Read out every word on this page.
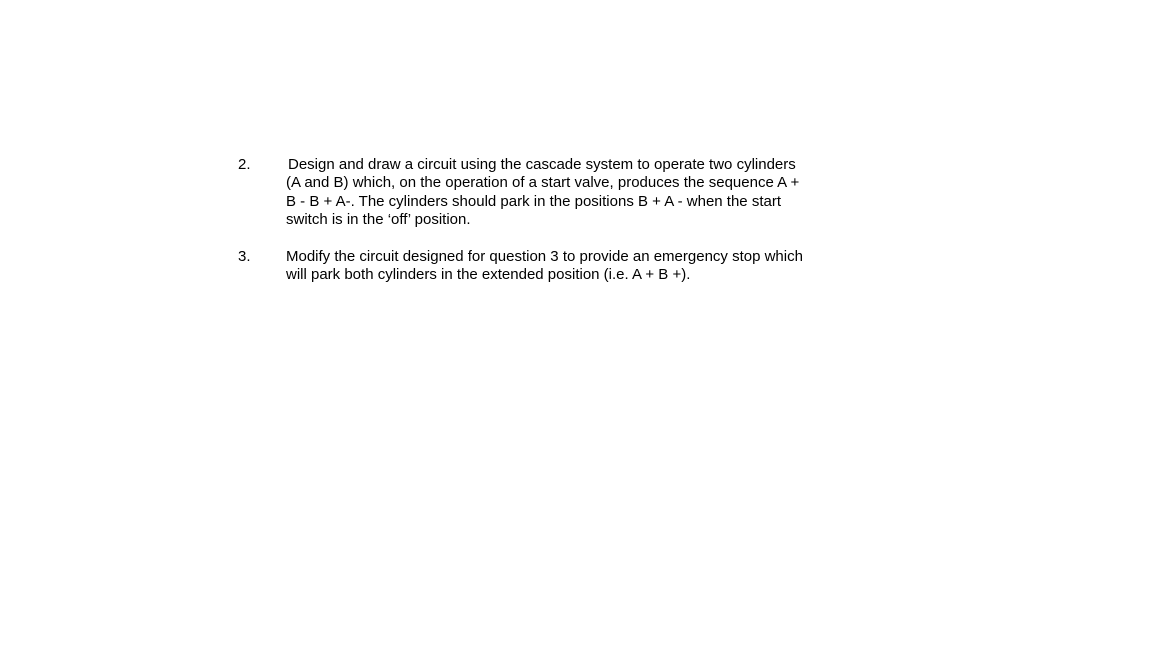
2. Design and draw a circuit using the cascade system to operate two cylinders
(A and B) which, on the operation of a start valve, produces the sequence A +
B - B + A-. The cylinders should park in the positions B + A - when the start
switch is in the ‘off’ position.
3. Modify the circuit designed for question 3 to provide an emergency stop which
will park both cylinders in the extended position (i.e. A + B +).
